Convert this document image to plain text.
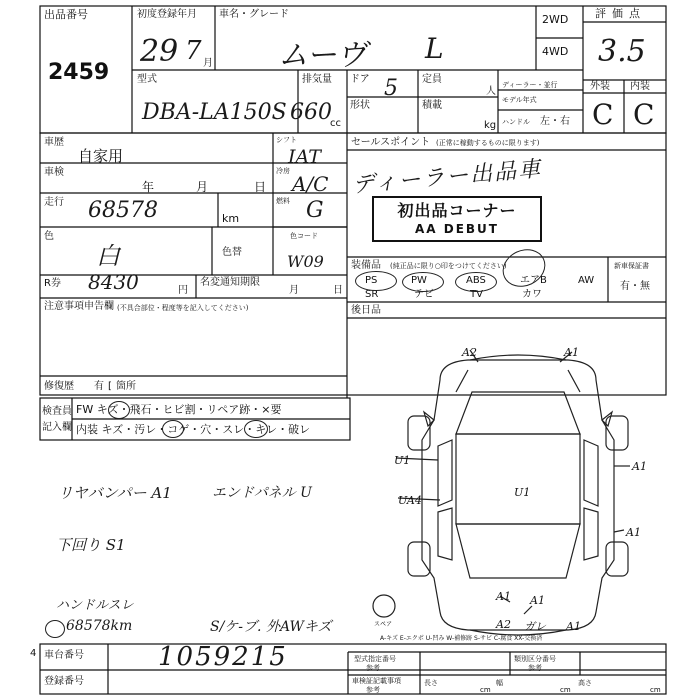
出品番号
2459
初度登録年月
29 7 月
車名・グレード
ムーヴ L
2WD
4WD
評価点
3.5
外装 内装
C C
型式
DBA-LA150S
排気量
660
cc
ドア 5 定員
人
形状	積載
kg
ディーラー・並行
モデル年式
ハンドル 左・右
車歴
自家用
車検
年	月	日
走行 68578	km
色
白	色替
R券 8430	円
名変通知期限
月	日
注意事項申告欄 (不具合部位・程度等を記入してください)
修復歴 有 [ 箇所
シフト
IAT
冷房
A/C
燃料 G
色コード
W09
セールスポイント (正常に稼動するものに限ります)
ディーラー出品車
初出品コーナー
AA DEBUT
装備品 (純正品に限り○印をつけてください)
PS	PW	ABS	エアB	AW
SR	テビ	TV	カワ
新車保証書
有・無
後日品
検査員
記入欄
FW キズ・飛石・ヒビ割・リペア跡・×要
内装 キズ・汚レ・コゲ・穴・スレ・キレ・破レ
リヤバンパー A1	エンドパネル U
下回り S1
ハンドルスレ
68578km	S/ケ-ブ. 外AWキズ
4
A2	A1
U1	A1
UA4
U1
A1
A1 A1
A2 ガレ A1
スペア
A-キズ E-エクボ U-凹み W-補修跡 S-サビ C-腐食 XX-交換済
車台番号	1059215
登録番号
型式指定番号
参考
類別区分番号
参考
車検証記載事項
参考
長さ
cm
幅
cm
高さ
cm
